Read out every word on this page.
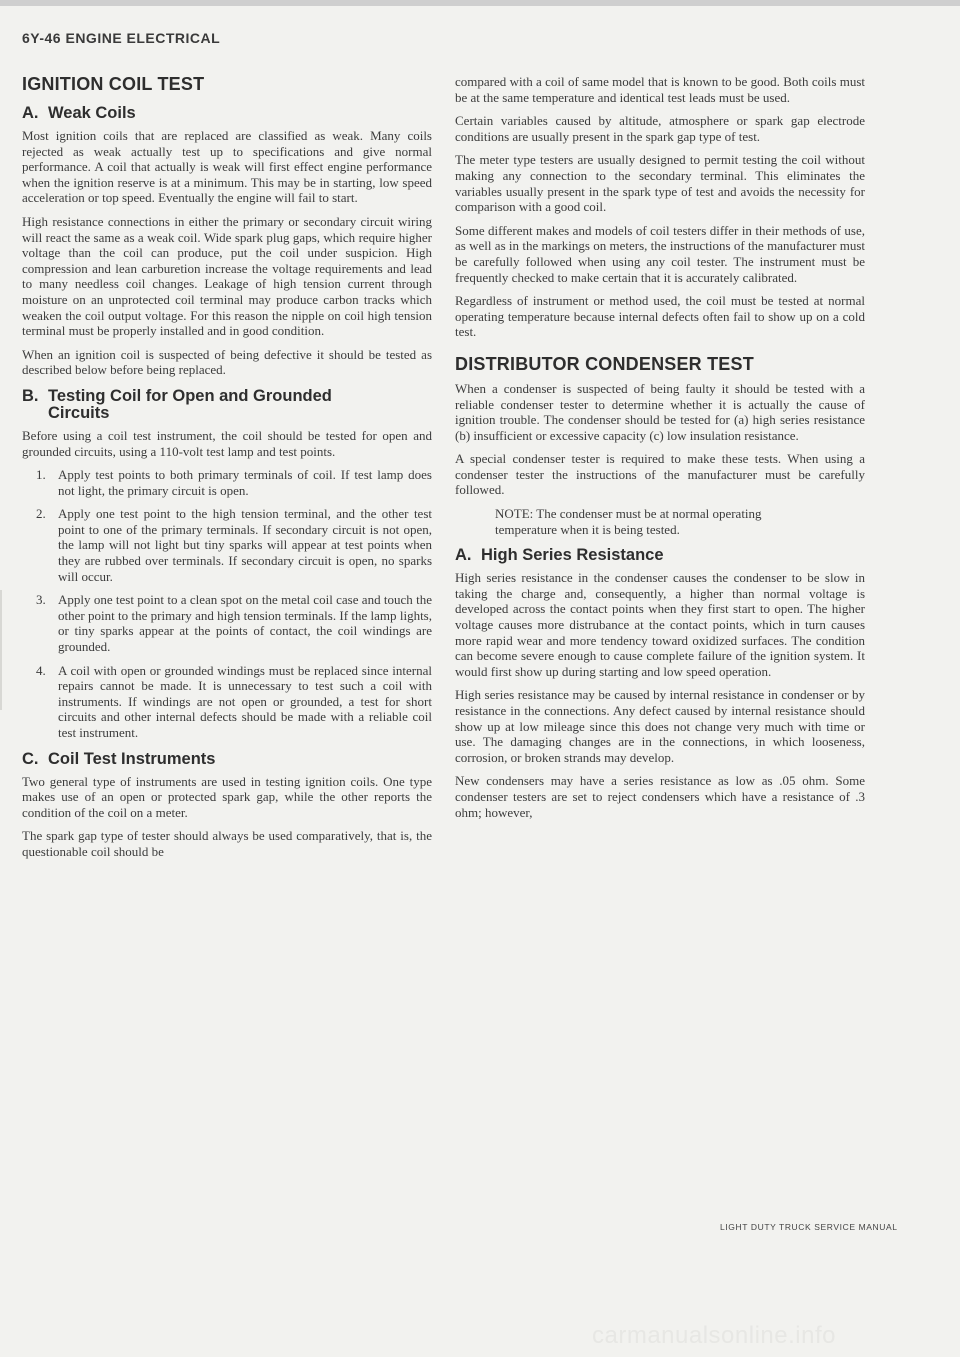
6Y-46 ENGINE ELECTRICAL
IGNITION COIL TEST
A. Weak Coils

Most ignition coils that are replaced are classified as weak. Many coils rejected as weak actually test up to specifications and give normal performance. A coil that actually is weak will first effect engine performance when the ignition reserve is at a minimum. This may be in starting, low speed acceleration or top speed. Eventually the engine will fail to start.

High resistance connections in either the primary or secondary circuit wiring will react the same as a weak coil. Wide spark plug gaps, which require higher voltage than the coil can produce, put the coil under suspicion. High compression and lean carburetion increase the voltage requirements and lead to many needless coil changes. Leakage of high tension current through moisture on an unprotected coil terminal may produce carbon tracks which weaken the coil output voltage. For this reason the nipple on coil high tension terminal must be properly installed and in good condition.

When an ignition coil is suspected of being defective it should be tested as described below before being replaced.

B. Testing Coil for Open and Grounded
Circuits

Before using a coil test instrument, the coil should be tested for open and grounded circuits, using a 110-volt test lamp and test points.

1. Apply test points to both primary terminals of coil. If test lamp does not light, the primary circuit is open.

2. Apply one test point to the high tension terminal, and the other test point to one of the primary terminals. If secondary circuit is not open, the lamp will not light but tiny sparks will appear at test points when they are rubbed over terminals. If secondary circuit is open, no sparks will occur.

3. Apply one test point to a clean spot on the metal coil case and touch the other point to the primary and high tension terminals. If the lamp lights, or tiny sparks appear at the points of contact, the coil windings are grounded.

4. A coil with open or grounded windings must be replaced since internal repairs cannot be made. It is unnecessary to test such a coil with instruments. If windings are not open or grounded, a test for short circuits and other internal defects should be made with a reliable coil test instrument.

C. Coil Test Instruments

Two general type of instruments are used in testing ignition coils. One type makes use of an open or protected spark gap, while the other reports the condition of the coil on a meter.

The spark gap type of tester should always be used comparatively, that is, the questionable coil should be

compared with a coil of same model that is known to be good. Both coils must be at the same temperature and identical test leads must be used.

Certain variables caused by altitude, atmosphere or spark gap electrode conditions are usually present in the spark gap type of test.

The meter type testers are usually designed to permit testing the coil without making any connection to the secondary terminal. This eliminates the variables usually present in the spark type of test and avoids the necessity for comparison with a good coil.

Some different makes and models of coil testers differ in their methods of use, as well as in the markings on meters, the instructions of the manufacturer must be carefully followed when using any coil tester. The instrument must be frequently checked to make certain that it is accurately calibrated.

Regardless of instrument or method used, the coil must be tested at normal operating temperature because internal defects often fail to show up on a cold test.

DISTRIBUTOR CONDENSER TEST

When a condenser is suspected of being faulty it should be tested with a reliable condenser tester to determine whether it is actually the cause of ignition trouble. The condenser should be tested for (a) high series resistance (b) insufficient or excessive capacity (c) low insulation resistance.

A special condenser tester is required to make these tests. When using a condenser tester the instructions of the manufacturer must be carefully followed.

NOTE: The condenser must be at normal operating temperature when it is being tested.

A. High Series Resistance

High series resistance in the condenser causes the condenser to be slow in taking the charge and, consequently, a higher than normal voltage is developed across the contact points when they first start to open. The higher voltage causes more distrubance at the contact points, which in turn causes more rapid wear and more tendency toward oxidized surfaces. The condition can become severe enough to cause complete failure of the ignition system. It would first show up during starting and low speed operation.

High series resistance may be caused by internal resistance in condenser or by resistance in the connections. Any defect caused by internal resistance should show up at low mileage since this does not change very much with time or use. The damaging changes are in the connections, in which looseness, corrosion, or broken strands may develop.

New condensers may have a series resistance as low as .05 ohm. Some condenser testers are set to reject condensers which have a resistance of .3 ohm; however,

LIGHT DUTY TRUCK SERVICE MANUAL
carmanualsonline.info
